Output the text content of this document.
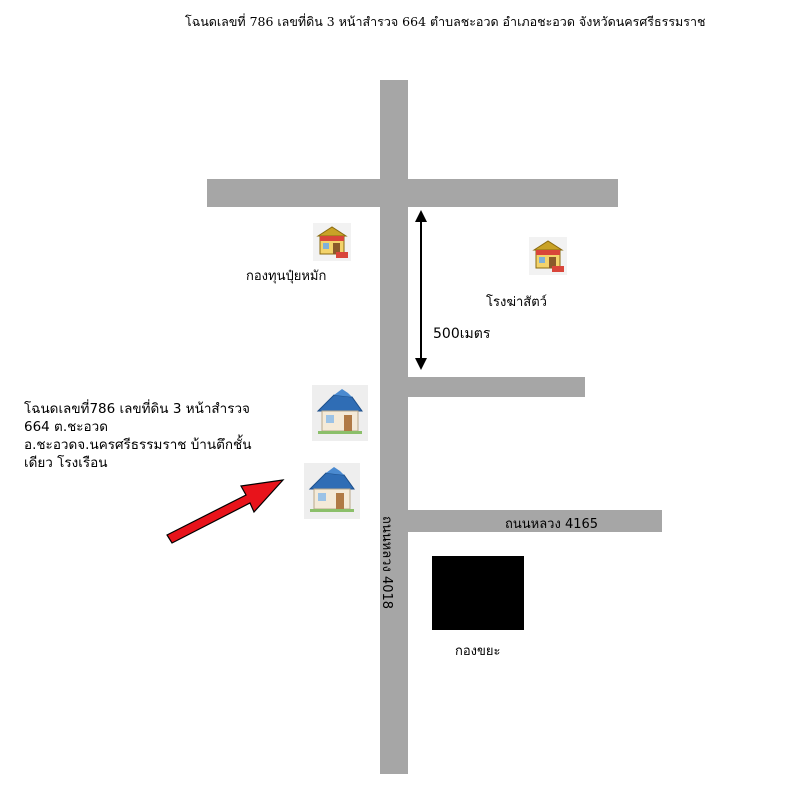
โฉนดเลขที่ 786 เลขที่ดิน 3 หน้าสำรวจ 664 ตำบลชะอวด อำเภอชะอวด จังหวัดนครศรีธรรมราช
ถนนหลวง 4018	ถนนหลวง 4165
กองทุนปุ๋ยหมัก
โรงฆ่าสัตว์
500เมตร
โฉนดเลขที่786 เลขที่ดิน 3 หน้าสำรวจ
664 ต.ชะอวด
อ.ชะอวดจ.นครศรีธรรมราช บ้านตึกชั้น
เดียว โรงเรือน
กองขยะ
